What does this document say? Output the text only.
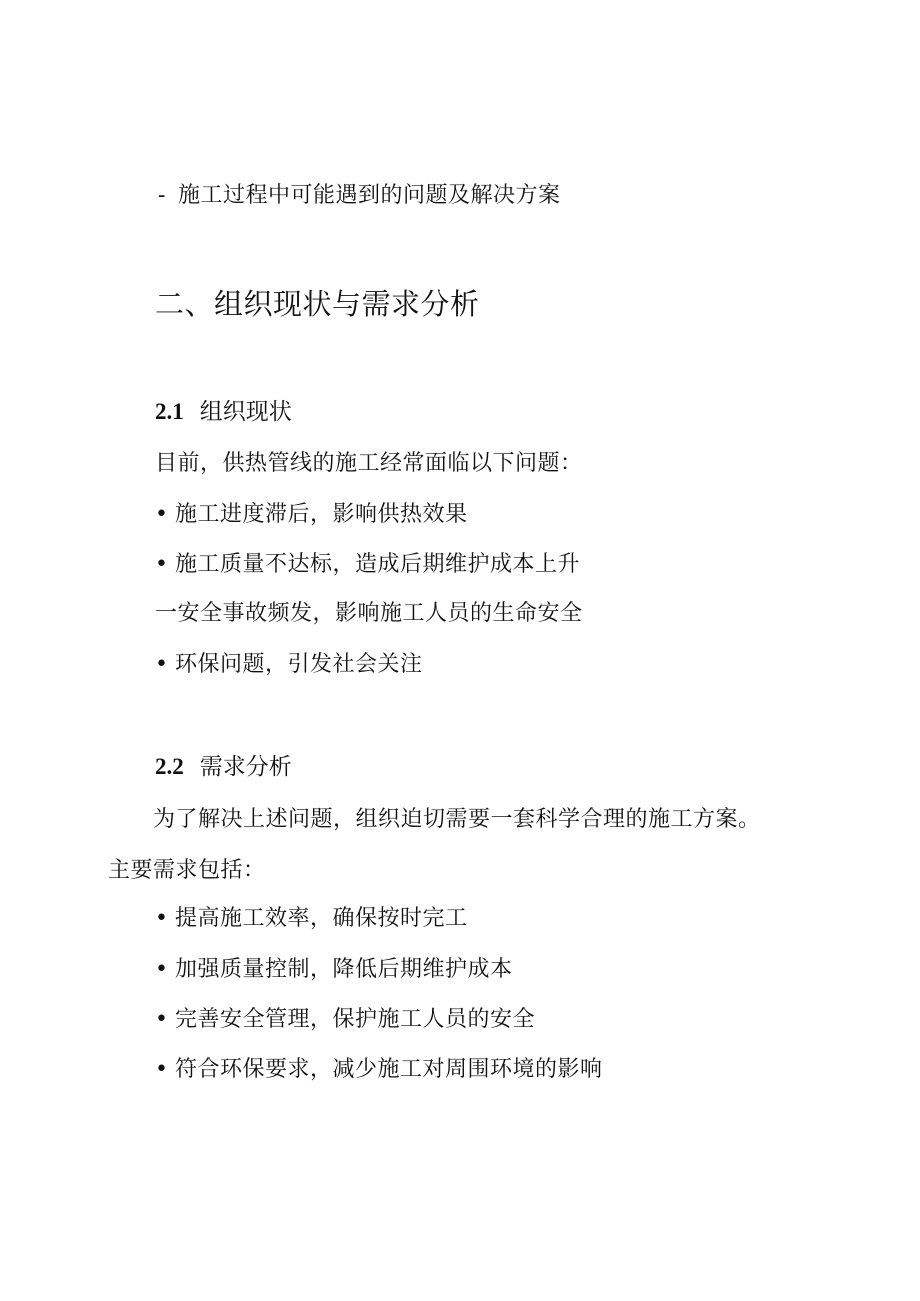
- 施工过程中可能遇到的问题及解决方案
二、组织现状与需求分析
2.1 组织现状
目前，供热管线的施工经常面临以下问题：
• 施工进度滞后，影响供热效果
• 施工质量不达标，造成后期维护成本上升
一安全事故频发，影响施工人员的生命安全
• 环保问题，引发社会关注
2.2 需求分析
为了解决上述问题，组织迫切需要一套科学合理的施工方案。
主要需求包括：
• 提高施工效率，确保按时完工
• 加强质量控制，降低后期维护成本
• 完善安全管理，保护施工人员的安全
• 符合环保要求，减少施工对周围环境的影响
